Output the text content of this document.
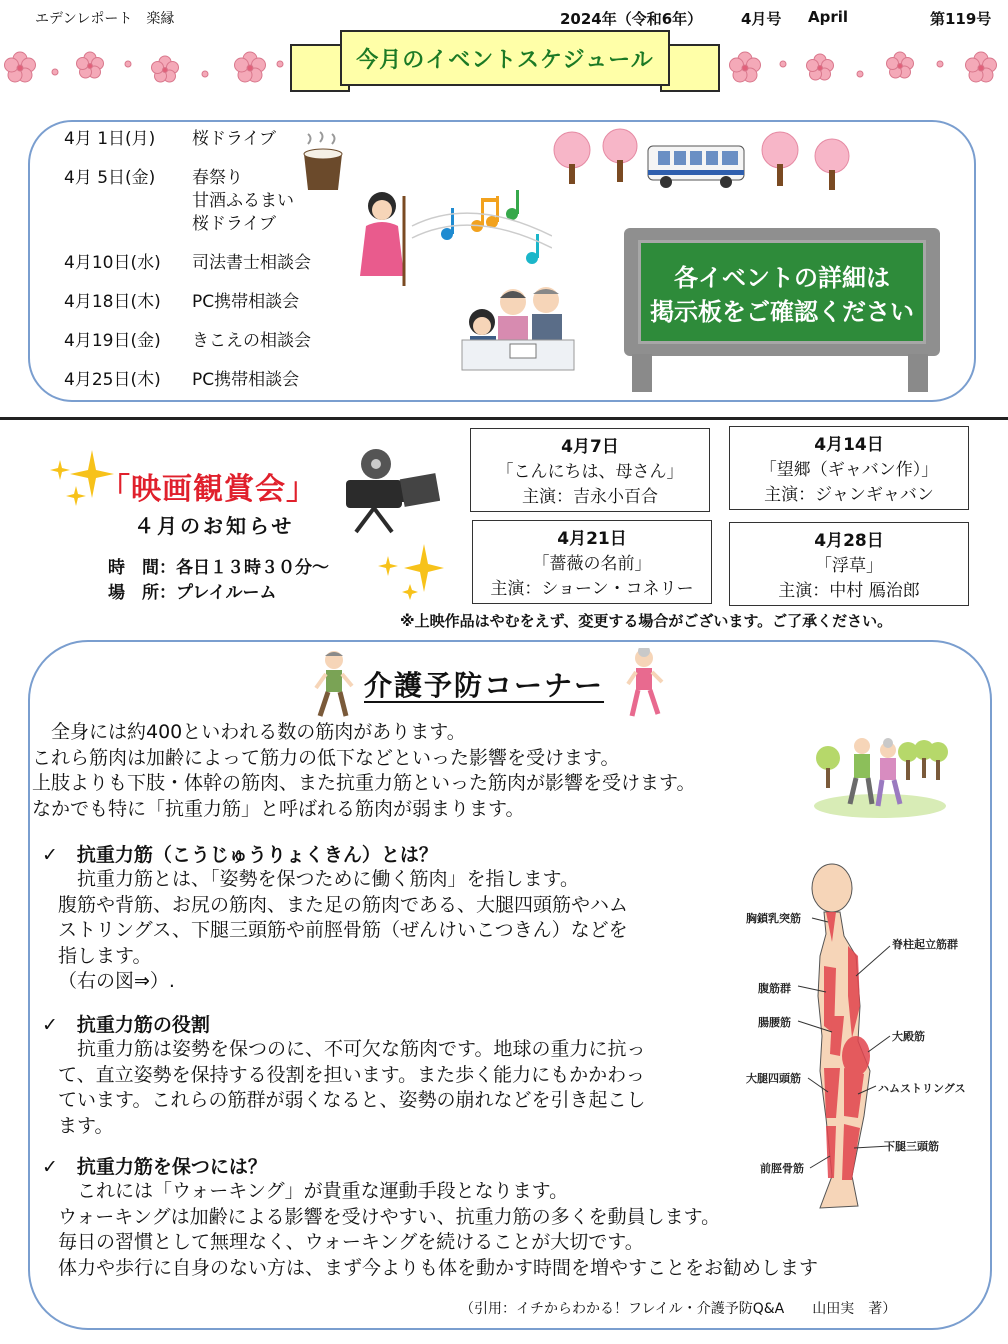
エデンレポート　楽縁	2024年（令和6年）	4月号 April	第119号
今月のイベントスケジュール
4月 1日(月) 桜ドライブ
4月 5日(金) 春祭り
甘酒ふるまい
桜ドライブ
4月10日(水) 司法書士相談会
4月18日(木) PC携帯相談会
4月19日(金) きこえの相談会
4月25日(木) PC携帯相談会
各イベントの詳細は
掲示板をご確認ください
「映画観賞会」
４月のお知らせ
時　間：各日１３時３０分～
場　所：プレイルーム
4月7日
「こんにちは、母さん」
主演：吉永小百合
4月14日
「望郷（ギャバン作）」
主演：ジャンギャバン
4月21日
「薔薇の名前」
主演：ショーン・コネリー
4月28日
「浮草」
主演：中村 鴈治郎
※上映作品はやむをえず、変更する場合がございます。ご了承ください。
介護予防コーナー
　全身には約400といわれる数の筋肉があります。
これら筋肉は加齢によって筋力の低下などといった影響を受けます。
上肢よりも下肢・体幹の筋肉、また抗重力筋といった筋肉が影響を受けます。
なかでも特に「抗重力筋」と呼ばれる筋肉が弱まります。
✓　抗重力筋（こうじゅうりょくきん）とは？
　抗重力筋とは、「姿勢を保つために働く筋肉」を指します。
腹筋や背筋、お尻の筋肉、また足の筋肉である、大腿四頭筋やハム
ストリングス、下腿三頭筋や前脛骨筋（ぜんけいこつきん）などを
指します。
（右の図⇒）.
✓　抗重力筋の役割
　抗重力筋は姿勢を保つのに、不可欠な筋肉です。地球の重力に抗っ
て、直立姿勢を保持する役割を担います。また歩く能力にもかかわっ
ています。これらの筋群が弱くなると、姿勢の崩れなどを引き起こし
ます。
✓　抗重力筋を保つには？
　これには「ウォーキング」が貴重な運動手段となります。
ウォーキングは加齢による影響を受けやすい、抗重力筋の多くを動員します。
毎日の習慣として無理なく、ウォーキングを続けることが大切です。
体力や歩行に自身のない方は、まず今よりも体を動かす時間を増やすことをお勧めします
胸鎖乳突筋
腹筋群
腸腰筋
大腿四頭筋
前脛骨筋
脊柱起立筋群
大殿筋
ハムストリングス
下腿三頭筋
（引用：イチからわかる！フレイル・介護予防Q&A　　山田実　著）
